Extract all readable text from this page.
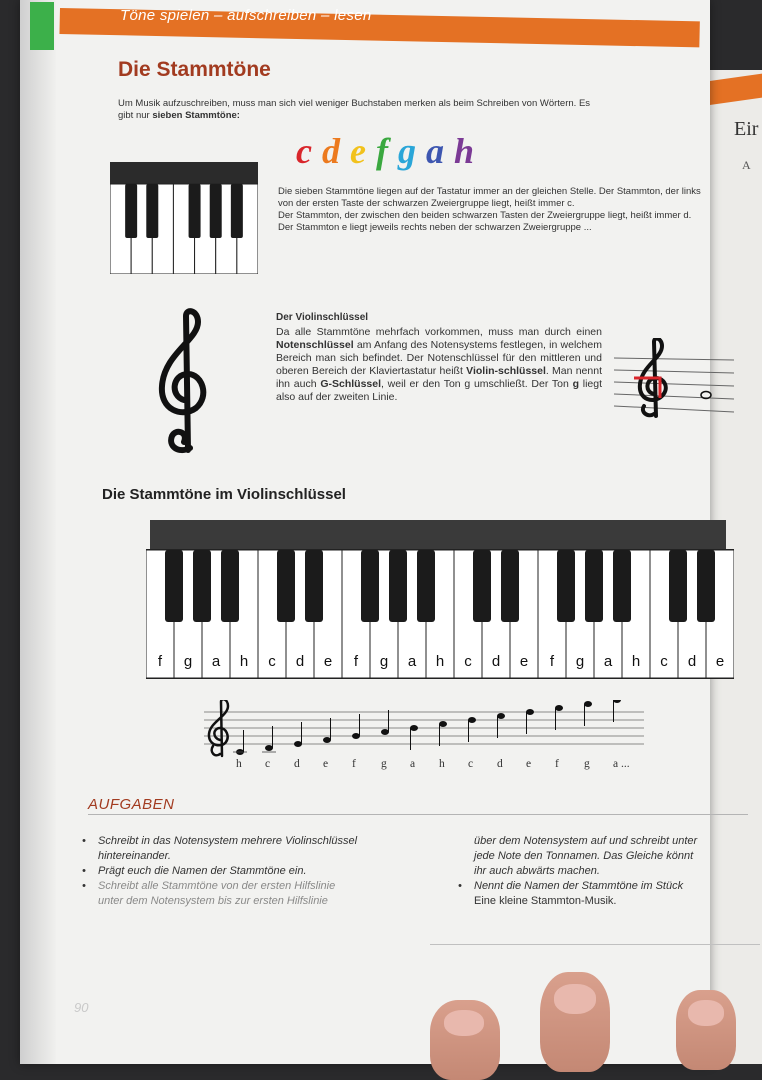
Eir
A
Töne spielen – aufschreiben – lesen
Die Stammtöne
Um Musik aufzuschreiben, muss man sich viel weniger Buchstaben merken als beim Schreiben von Wörtern. Es gibt nur sieben Stammtöne:
cdefgah
Die sieben Stammtöne liegen auf der Tastatur immer an der gleichen Stelle. Der Stammton, der links von der ersten Taste der schwarzen Zweiergruppe liegt, heißt immer c.
Der Stammton, der zwischen den beiden schwarzen Tasten der Zweiergruppe liegt, heißt immer d.
Der Stammton e liegt jeweils rechts neben der schwarzen Zweiergruppe ...
Der Violinschlüssel
Da alle Stammtöne mehrfach vorkommen, muss man durch einen Notenschlüssel am Anfang des Notensystems festlegen, in welchem Bereich man sich befindet. Der Notenschlüssel für den mittleren und oberen Bereich der Klaviertastatur heißt Violin-schlüssel. Man nennt ihn auch G-Schlüssel, weil er den Ton g umschließt. Der Ton g liegt also auf der zweiten Linie.
Die Stammtöne im Violinschlüssel
f g a h c d e f g a h c d e f g a h c d e
h c d e f g a h c d e f g a ...
AUFGABEN
• Schreibt in das Notensystem mehrere Violinschlüssel
hintereinander.
• Prägt euch die Namen der Stammtöne ein.
• Schreibt alle Stammtöne von der ersten Hilfslinie
unter dem Notensystem bis zur ersten Hilfslinie
über dem Notensystem auf und schreibt unter
jede Note den Tonnamen. Das Gleiche könnt
ihr auch abwärts machen.
• Nennt die Namen der Stammtöne im Stück
Eine kleine Stammton-Musik.
90
